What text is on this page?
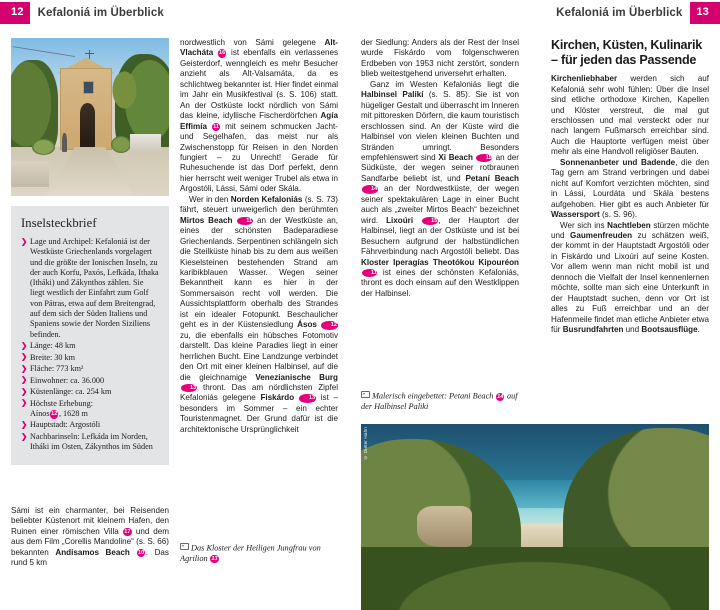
12	Kefaloniá im Überblick	Kefaloniá im Überblick	13
© Dieter Hahn
© Dieter Hahn
Inselsteckbrief
❯ Lage und Archipel: Kefaloniá ist der Westküste Griechenlands vorgelagert und die größte der Ionischen Inseln, zu der auch Korfu, Paxós, Lefkáda, Ithaka (Itháki) und Zákynthos zählen. Sie liegt westlich der Einfahrt zum Golf von Pátras, etwa auf dem Breitengrad, auf dem sich der Süden Italiens und Spaniens sowie der Norden Siziliens befinden.
❯ Länge: 48 km
❯ Breite: 30 km
❯ Fläche: 773 km²
❯ Einwohner: ca. 36.000
❯ Küstenlänge: ca. 254 km
❯ Höchste Erhebung:
Aínos 12 , 1628 m
❯ Hauptstadt: Argostóli
❯ Nachbarinseln: Lefkáda im Norden, Itháki im Osten, Zákynthos im Süden

Sámi ist ein charmanter, bei Reisenden beliebter Küstenort mit kleinem Hafen, den Ruinen einer römischen Villa 17 und dem aus dem Film „Corellis Mandoline“ (s. S. 66) bekannten Andisamos Beach 10 . Das rund 5 km

nordwestlich von Sámi gelegene Alt-Vlacháta 16 ist ebenfalls ein verlassenes Geisterdorf, wenngleich es mehr Besucher anzieht als Alt-Valsamáta, da es schlichtweg bekannter ist. Hier findet einmal im Jahr ein Musikfestival (s. S. 106) statt. An der Ostküste lockt nördlich von Sámi das kleine, idyllische Fischerdörfchen Agía Effimía 11 mit seinem schmucken Jacht- und Segelhafen, das meist nur als Zwischenstopp für Reisen in den Norden fungiert – zu Unrecht! Gerade für Ruhesuchende ist das Dorf perfekt, denn hier herrscht weit weniger Trubel als etwa in Argostóli, Lássi, Sámi oder Skála.

Wer in den Norden Kefaloniás (s. S. 73) fährt, steuert unweigerlich den berühmten Mirtos Beach 11 an der Westküste an, eines der schönsten Badeparadiese Griechenlands. Serpentinen schlängeln sich die Steilküste hinab bis zu dem aus weißen Kieselsteinen bestehenden Strand am karibikblauen Wasser. Wegen seiner Bekanntheit kann es hier in der Sommersaison recht voll werden. Die Aussichtsplattform oberhalb des Strandes ist ein idealer Fotopunkt. Beschaulicher geht es in der Küstensiedlung Ásos 12 zu, die ebenfalls ein hübsches Fotomotiv darstellt. Das kleine Paradies liegt in einer herrlichen Bucht. Eine Landzunge verbindet den Ort mit einer kleinen Halbinsel, auf die die gleichnamige Venezianische Burg 13 thront. Das am nördlichsten Zipfel Kefaloniás gelegene Fiskárdo 13 ist – besonders im Sommer – ein echter Touristenmagnet. Der Grund dafür ist die architektonische Ursprünglichkeit

Das Kloster der Heiligen Jungfrau von Agrilion 13

der Siedlung: Anders als der Rest der Insel wurde Fiskárdo vom folgenschweren Erdbeben von 1953 nicht zerstört, sondern blieb weitestgehend unversehrt erhalten.

Ganz im Westen Kefaloniás liegt die Halbinsel Palikí (s. S. 85). Sie ist von hügeliger Gestalt und überrascht im Inneren mit pittoresken Dörfern, die kaum touristisch erschlossen sind. An der Küste wird die Halbinsel von vielen kleinen Buchten und Stränden umringt. Besonders empfehlenswert sind Xi Beach 15 an der Südküste, der wegen seiner rotbraunen Sandfarbe beliebt ist, und Petaní Beach 14 an der Nordwestküste, der wegen seiner spektakulären Lage in einer Bucht auch als „zweiter Mirtos Beach“ bezeichnet wird. Lixoúri 15, der Hauptort der Halbinsel, liegt an der Ostküste und ist bei Besuchern aufgrund der halbstündlichen Fährverbindung nach Argostóli beliebt. Das Kloster Iperagías Theotókou Kipouréon 11 ist eines der schönsten Kefaloniás, thront es doch einsam auf den Westklippen der Halbinsel.

Malerisch eingebettet: Petani Beach 14 auf der Halbinsel Paliki
Kirchen, Küsten, Kulinarik – für jeden das Passende

Kirchenliebhaber werden sich auf Kefaloniá sehr wohl fühlen: Über die Insel sind etliche orthodoxe Kirchen, Kapellen und Klöster verstreut, die mal gut erschlossen und mal versteckt oder nur nach langem Fußmarsch erreichbar sind. Auch die Hauptorte verfügen meist über mehr als eine Handvoll religiöser Bauten.

Sonnenanbeter und Badende, die den Tag gern am Strand verbringen und dabei nicht auf Komfort verzichten möchten, sind in Lássi, Lourdáta und Skála bestens aufgehoben. Hier gibt es auch Anbieter für Wassersport (s. S. 96).

Wer sich ins Nachtleben stürzen möchte und Gaumenfreuden zu schätzen weiß, der kommt in der Hauptstadt Argostóli oder in Fiskárdo und Lixoúri auf seine Kosten. Vor allem wenn man nicht mobil ist und dennoch die Vielfalt der Insel kennenlernen möchte, sollte man sich eine Unterkunft in der Hauptstadt suchen, denn vor Ort ist alles zu Fuß erreichbar und an der Hafenmeile findet man etliche Anbieter etwa für Busrundfahrten und Bootsausflüge.
